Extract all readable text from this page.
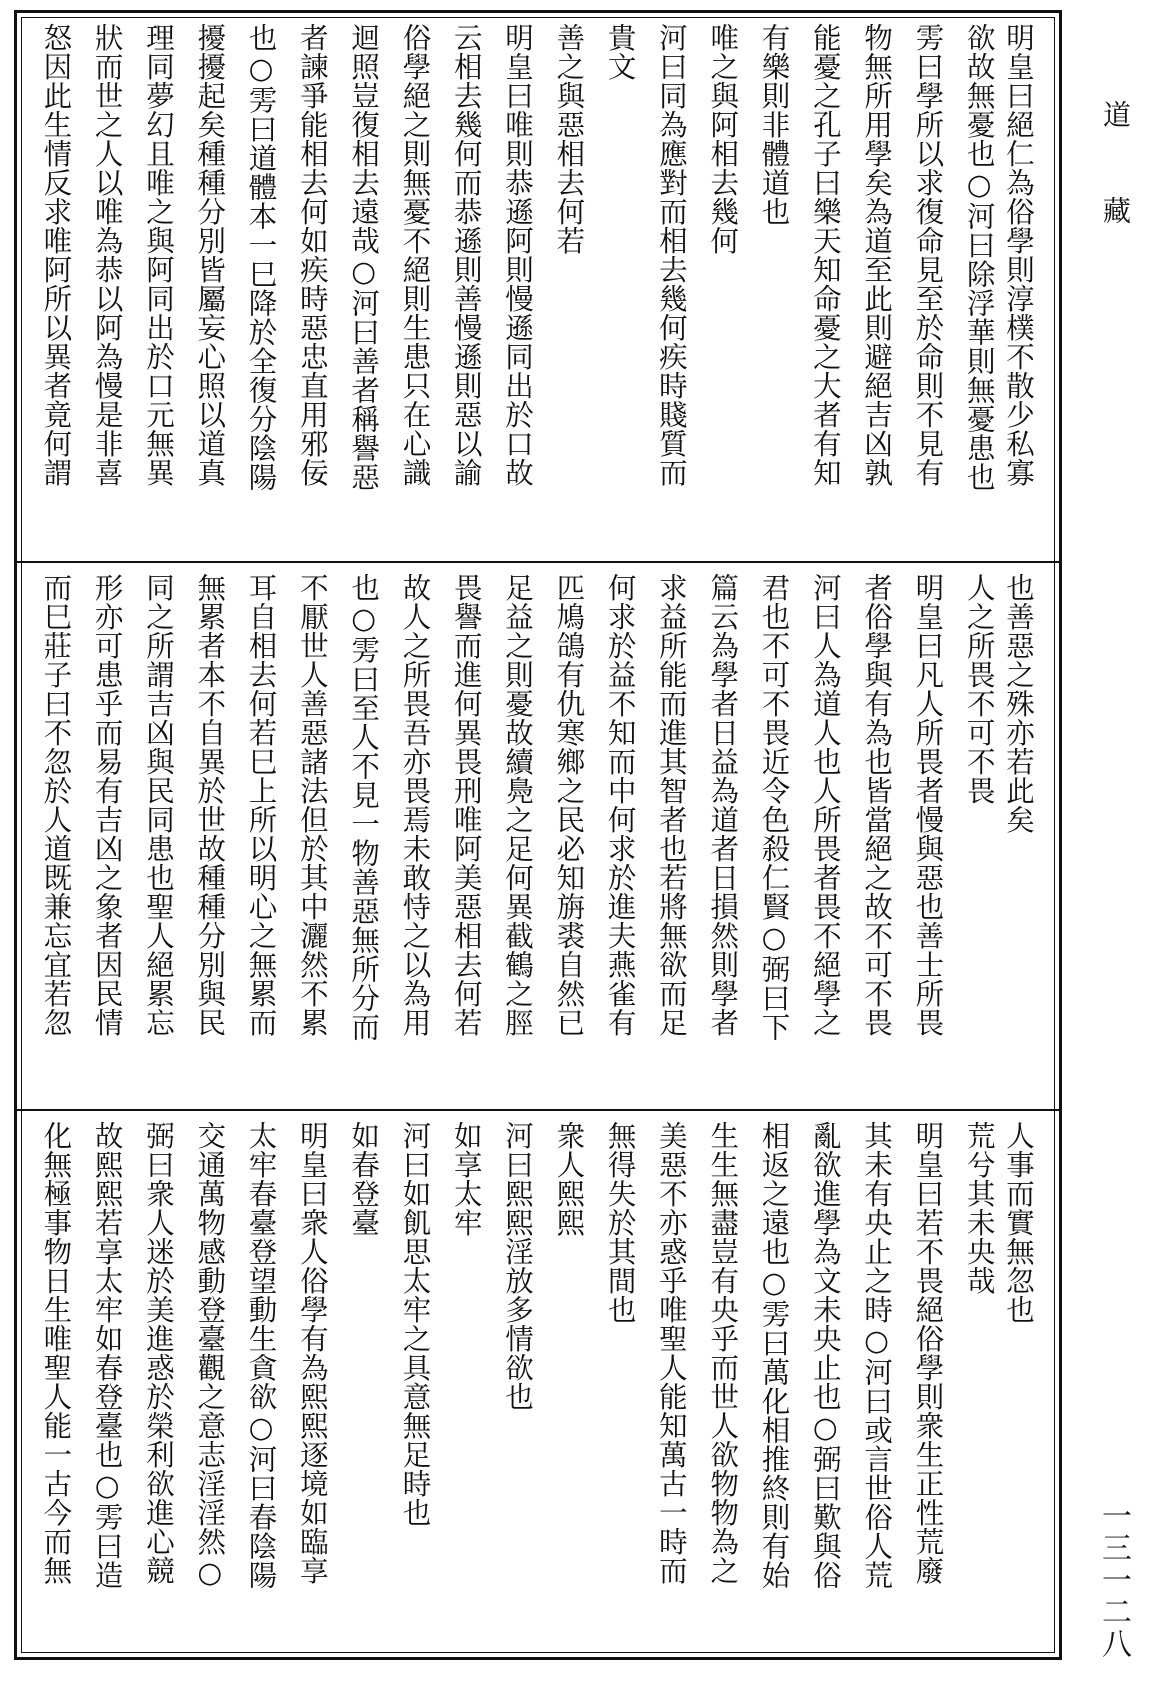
明皇曰絕仁為俗學則淳樸不散少私寡
欲故無憂也○河曰除浮華則無憂患也
雱曰學所以求復命見至於命則不見有
物無所用學矣為道至此則避絕吉凶孰
能憂之孔子曰樂天知命憂之大者有知
有樂則非體道也
唯之與阿相去幾何
河曰同為應對而相去幾何疾時賤質而
貴文
善之與惡相去何若
明皇曰唯則恭遜阿則慢遜同出於口故
云相去幾何而恭遜則善慢遜則惡以諭
俗學絕之則無憂不絕則生患只在心識
迴照豈復相去遠哉○河曰善者稱譽惡
者諫爭能相去何如疾時惡忠直用邪佞
也○雱曰道體本一巳降於全復分陰陽
擾擾起矣種種分別皆屬妄心照以道真
理同夢幻且唯之與阿同出於口元無異
狀而世之人以唯為恭以阿為慢是非喜
怒因此生情反求唯阿所以異者竟何謂
也善惡之殊亦若此矣
人之所畏不可不畏
明皇曰凡人所畏者慢與惡也善士所畏
者俗學與有為也皆當絕之故不可不畏
河曰人為道人也人所畏者畏不絕學之
君也不可不畏近令色殺仁賢○弼曰下
篇云為學者日益為道者日損然則學者
求益所能而進其智者也若將無欲而足
何求於益不知而中何求於進夫燕雀有
匹鳩鴿有仇寒鄉之民必知旃裘自然已
足益之則憂故續鳧之足何異截鶴之脛
畏譽而進何異畏刑唯阿美惡相去何若
故人之所畏吾亦畏焉未敢恃之以為用
也○雱曰至人不見一物善惡無所分而
不厭世人善惡諸法但於其中灑然不累
耳自相去何若巳上所以明心之無累而
無累者本不自異於世故種種分別與民
同之所謂吉凶與民同患也聖人絕累忘
形亦可患乎而易有吉凶之象者因民情
而巳莊子曰不忽於人道既兼忘宜若忽
人事而實無忽也
荒兮其未央哉
明皇曰若不畏絕俗學則衆生正性荒廢
其未有央止之時○河曰或言世俗人荒
亂欲進學為文未央止也○弼曰歎與俗
相返之遠也○雱曰萬化相推終則有始
生生無盡豈有央乎而世人欲物物為之
美惡不亦惑乎唯聖人能知萬古一時而
無得失於其間也
衆人熙熙
河曰熙熙淫放多情欲也
如享太牢
河曰如飢思太牢之具意無足時也
如春登臺
明皇曰衆人俗學有為熙熙逐境如臨享
太牢春臺登望動生貪欲○河曰春陰陽
交通萬物感動登臺觀之意志淫淫然○
弼曰衆人迷於美進惑於榮利欲進心競
故熙熙若享太牢如春登臺也○雱曰造
化無極事物日生唯聖人能一古今而無
道藏
一三一二八
